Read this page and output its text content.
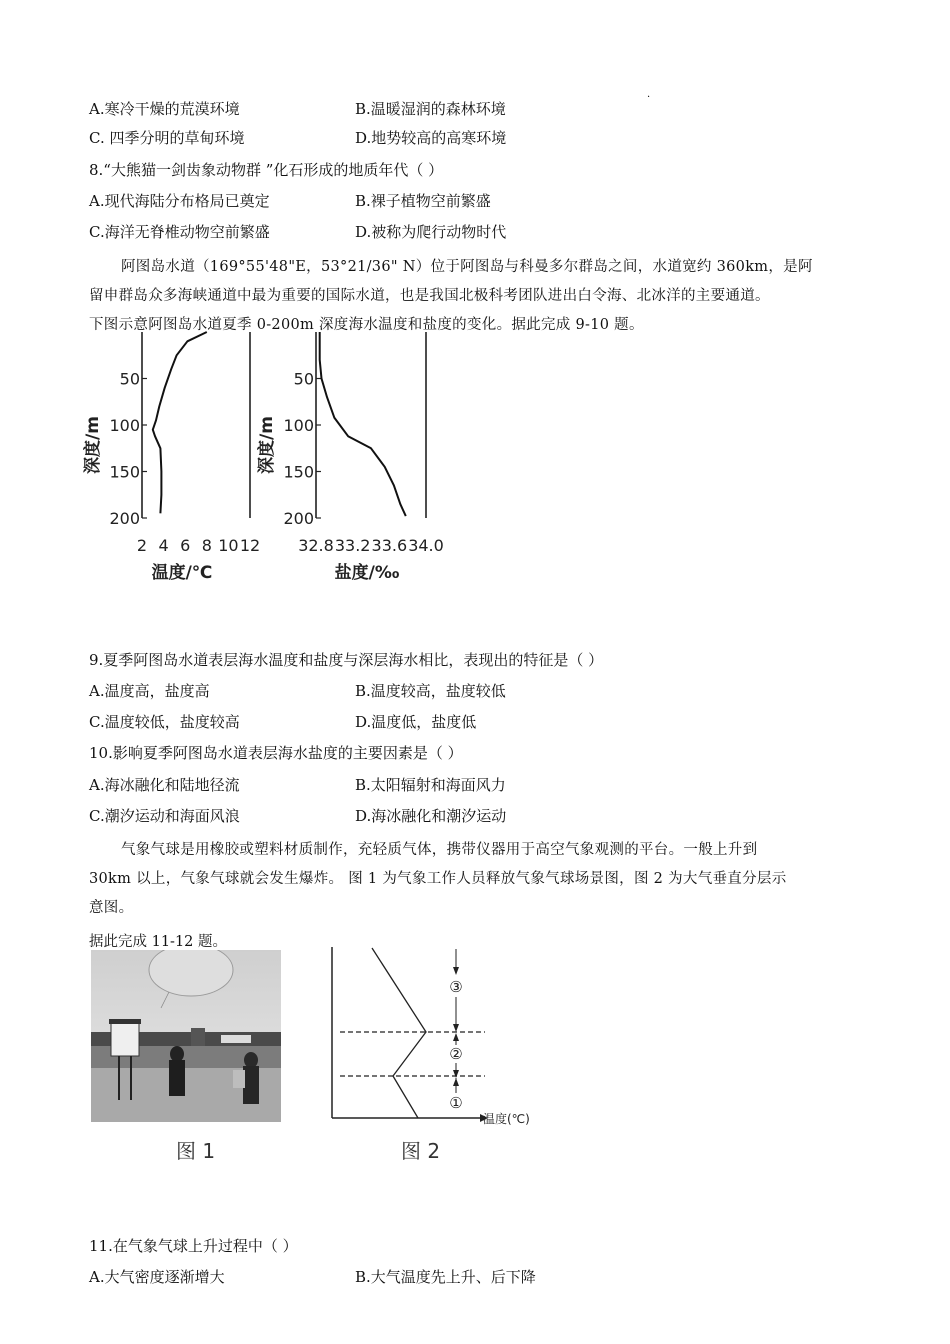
·
A.寒冷干燥的荒漠环境	B.温暖湿润的森林环境
C. 四季分明的草甸环境	D.地势较高的高寒环境
8.“大熊猫一剑齿象动物群 ”化石形成的地质年代（ ）
A.现代海陆分布格局已奠定	B.裸子植物空前繁盛
C.海洋无脊椎动物空前繁盛	D.被称为爬行动物时代

阿图岛水道（169°55'48"E，53°21/36" N）位于阿图岛与科曼多尔群岛之间，水道宽约 360km，是阿

留申群岛众多海峡通道中最为重要的国际水道，也是我国北极科考团队进出白令海、北冰洋的主要通道。

下图示意阿图岛水道夏季 0-200m 深度海水温度和盐度的变化。据此完成 9-10 题。

50
100
150
200
2 4 6 8 10 12
温度/℃
深度/m
50
100
150
200
32.8 33.2 33.6 34.0
盐度/‰
深度/m
9.夏季阿图岛水道表层海水温度和盐度与深层海水相比，表现出的特征是（ ）
A.温度高，盐度高	B.温度较高，盐度较低
C.温度较低，盐度较高	D.温度低，盐度低
10.影响夏季阿图岛水道表层海水盐度的主要因素是（ ）
A.海冰融化和陆地径流	B.太阳辐射和海面风力
C.潮汐运动和海面风浪	D.海冰融化和潮汐运动

气象气球是用橡胶或塑料材质制作，充轻质气体，携带仪器用于高空气象观测的平台。一般上升到

30km 以上，气象气球就会发生爆炸。 图 1 为气象工作人员释放气象气球场景图，图 2 为大气垂直分层示

意图。

据此完成 11-12 题。
图 1
③
②
①
温度(℃)
图 2
11.在气象气球上升过程中（ ）
A.大气密度逐渐增大	B.大气温度先上升、后下降
